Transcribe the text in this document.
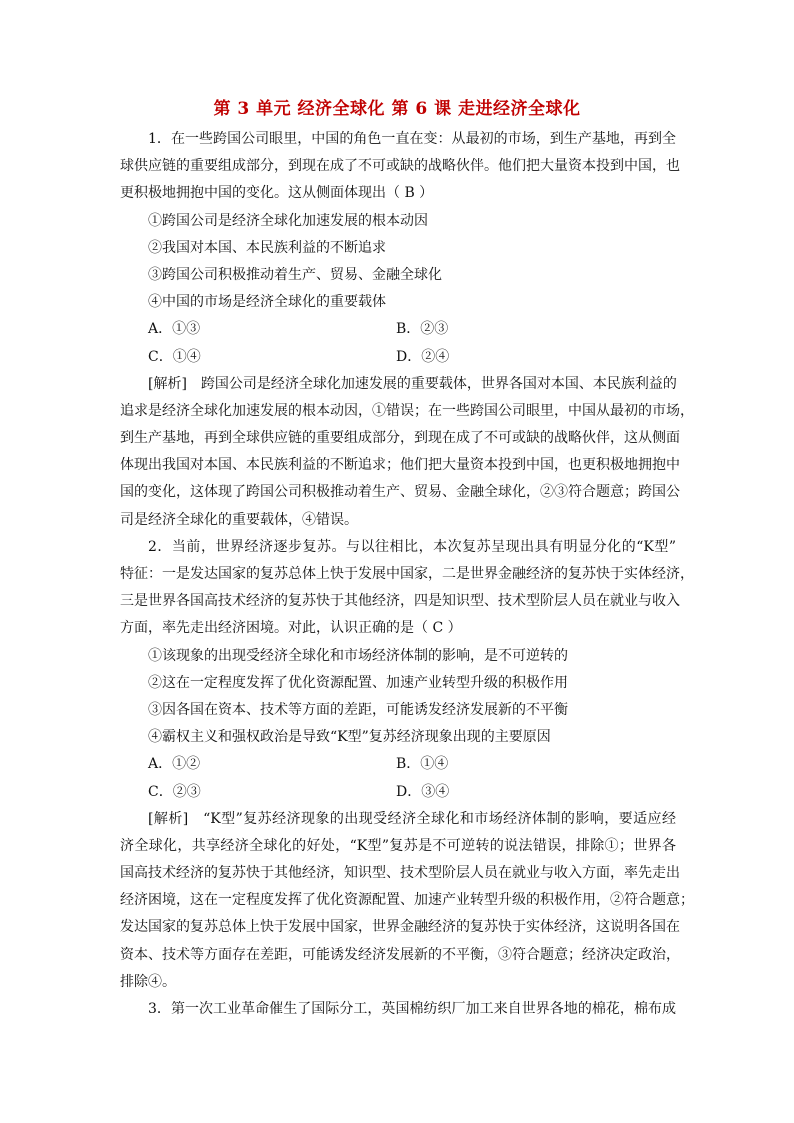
第 3 单元 经济全球化 第 6 课 走进经济全球化
1．在一些跨国公司眼里，中国的角色一直在变：从最初的市场，到生产基地，再到全
球供应链的重要组成部分，到现在成了不可或缺的战略伙伴。他们把大量资本投到中国，也
更积极地拥抱中国的变化。这从侧面体现出（ B ）
①跨国公司是经济全球化加速发展的根本动因
②我国对本国、本民族利益的不断追求
③跨国公司积极推动着生产、贸易、金融全球化
④中国的市场是经济全球化的重要载体
A．①③	B．②③
C．①④	D．②④
[解析]　跨国公司是经济全球化加速发展的重要载体，世界各国对本国、本民族利益的
追求是经济全球化加速发展的根本动因，①错误；在一些跨国公司眼里，中国从最初的市场，
到生产基地，再到全球供应链的重要组成部分，到现在成了不可或缺的战略伙伴，这从侧面
体现出我国对本国、本民族利益的不断追求；他们把大量资本投到中国，也更积极地拥抱中
国的变化，这体现了跨国公司积极推动着生产、贸易、金融全球化，②③符合题意；跨国公
司是经济全球化的重要载体，④错误。
2．当前，世界经济逐步复苏。与以往相比，本次复苏呈现出具有明显分化的“K型”
特征：一是发达国家的复苏总体上快于发展中国家，二是世界金融经济的复苏快于实体经济，
三是世界各国高技术经济的复苏快于其他经济，四是知识型、技术型阶层人员在就业与收入
方面，率先走出经济困境。对此，认识正确的是（ C ）
①该现象的出现受经济全球化和市场经济体制的影响，是不可逆转的
②这在一定程度发挥了优化资源配置、加速产业转型升级的积极作用
③因各国在资本、技术等方面的差距，可能诱发经济发展新的不平衡
④霸权主义和强权政治是导致“K型”复苏经济现象出现的主要原因
A．①②	B．①④
C．②③	D．③④
[解析]　“K型”复苏经济现象的出现受经济全球化和市场经济体制的影响，要适应经
济全球化，共享经济全球化的好处，“K型”复苏是不可逆转的说法错误，排除①；世界各
国高技术经济的复苏快于其他经济，知识型、技术型阶层人员在就业与收入方面，率先走出
经济困境，这在一定程度发挥了优化资源配置、加速产业转型升级的积极作用，②符合题意；
发达国家的复苏总体上快于发展中国家，世界金融经济的复苏快于实体经济，这说明各国在
资本、技术等方面存在差距，可能诱发经济发展新的不平衡，③符合题意；经济决定政治，
排除④。
3．第一次工业革命催生了国际分工，英国棉纺织厂加工来自世界各地的棉花，棉布成
